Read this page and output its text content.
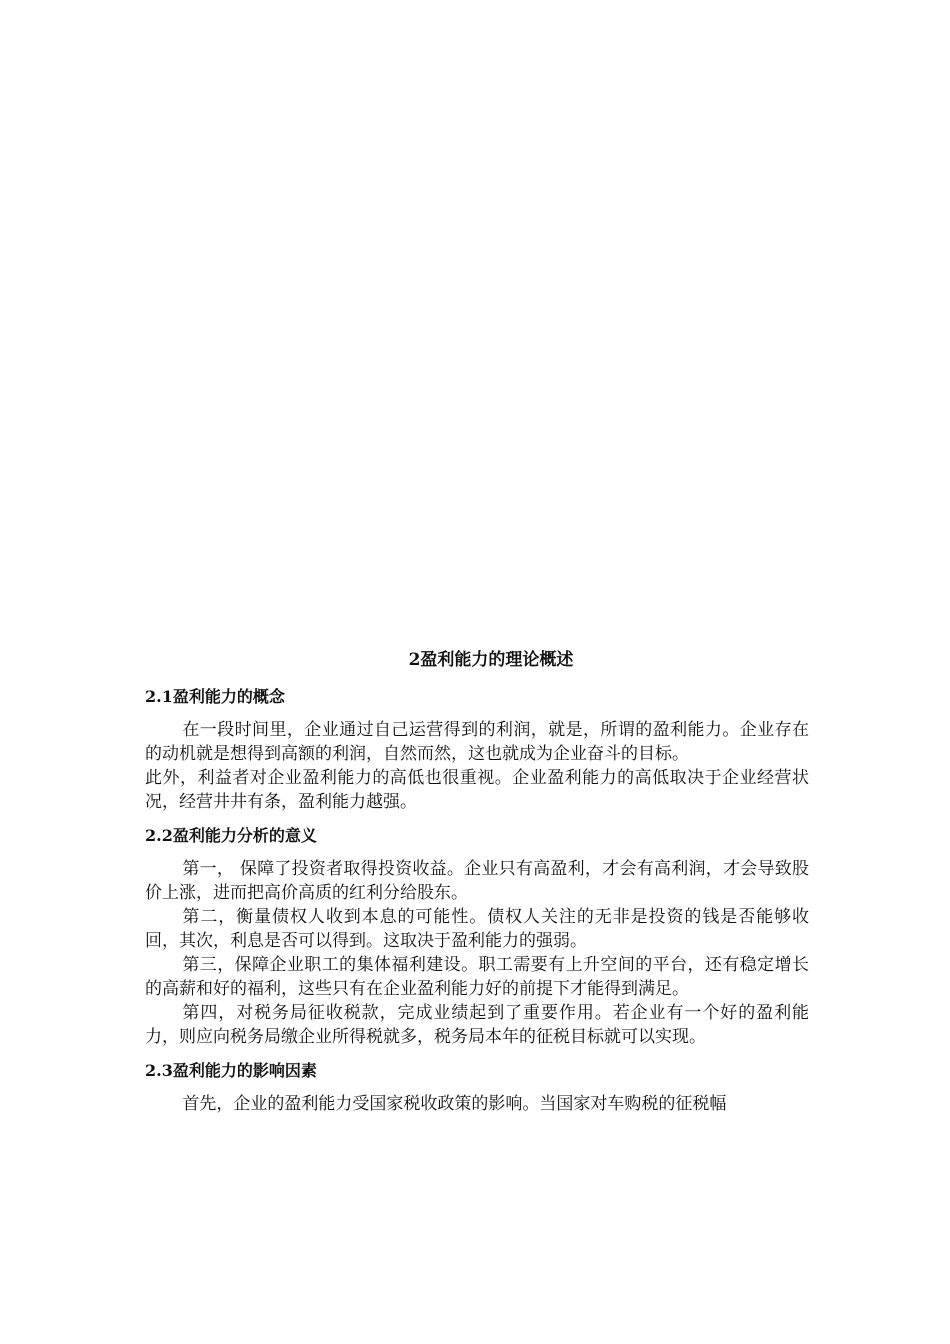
2盈利能力的理论概述
2.1盈利能力的概念

在一段时间里，企业通过自己运营得到的利润，就是，所谓的盈利能力。企业存在的动机就是想得到高额的利润，自然而然，这也就成为企业奋斗的目标。

此外，利益者对企业盈利能力的高低也很重视。企业盈利能力的高低取决于企业经营状况，经营井井有条，盈利能力越强。

2.2盈利能力分析的意义

第一， 保障了投资者取得投资收益。企业只有高盈利，才会有高利润，才会导致股价上涨，进而把高价高质的红利分给股东。

第二，衡量债权人收到本息的可能性。债权人关注的无非是投资的钱是否能够收回，其次，利息是否可以得到。这取决于盈利能力的强弱。

第三，保障企业职工的集体福利建设。职工需要有上升空间的平台，还有稳定增长的高薪和好的福利，这些只有在企业盈利能力好的前提下才能得到满足。

第四，对税务局征收税款，完成业绩起到了重要作用。若企业有一个好的盈利能力，则应向税务局缴企业所得税就多，税务局本年的征税目标就可以实现。

2.3盈利能力的影响因素

首先，企业的盈利能力受国家税收政策的影响。当国家对车购税的征税幅
